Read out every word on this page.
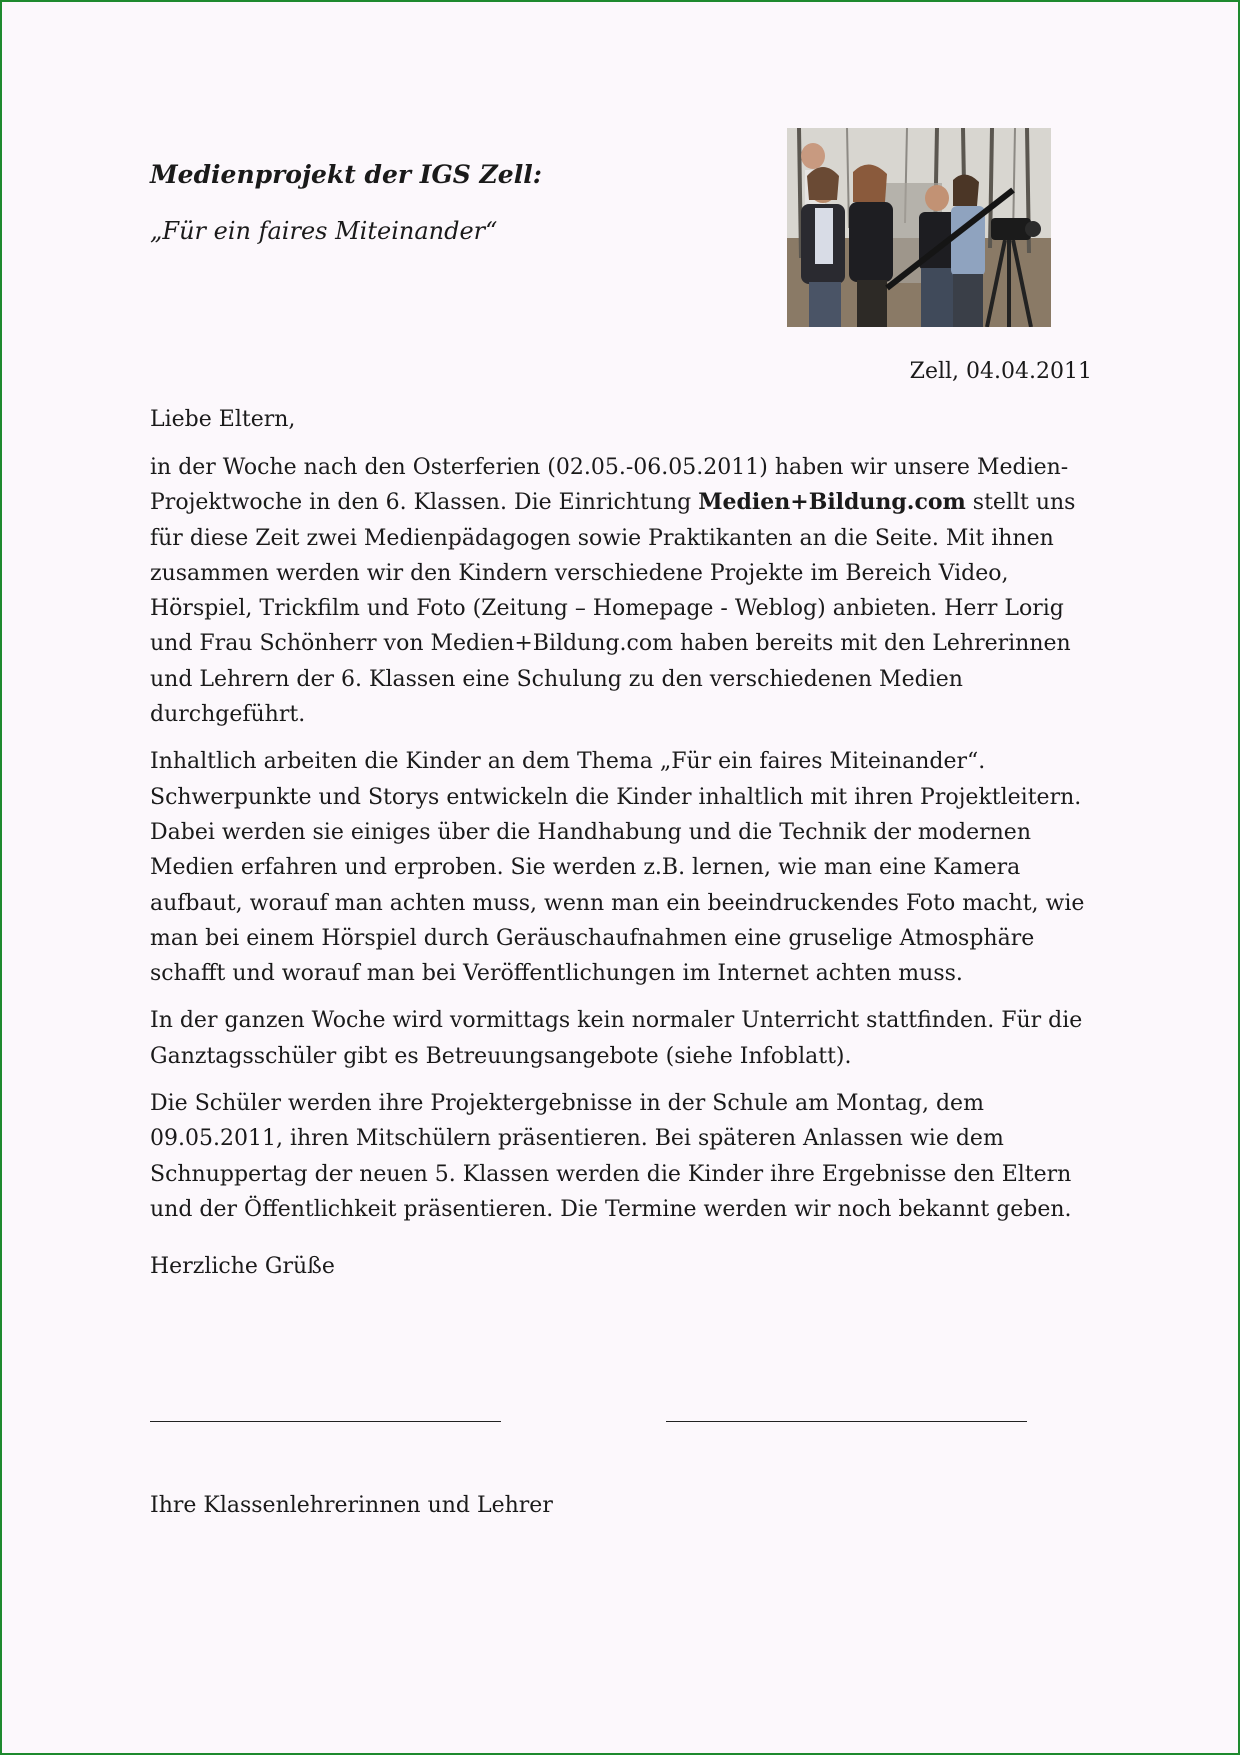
Medienprojekt der IGS Zell:

„Für ein faires Miteinander“

Zell, 04.04.2011

Liebe Eltern,

in der Woche nach den Osterferien (02.05.-06.05.2011) haben wir unsere Medien-Projektwoche in den 6. Klassen. Die Einrichtung Medien+Bildung.com stellt uns für diese Zeit zwei Medienpädagogen sowie Praktikanten an die Seite. Mit ihnen zusammen werden wir den Kindern verschiedene Projekte im Bereich Video, Hörspiel, Trickfilm und Foto (Zeitung – Homepage - Weblog) anbieten. Herr Lorig und Frau Schönherr von Medien+Bildung.com haben bereits mit den Lehrerinnen und Lehrern der 6. Klassen eine Schulung zu den verschiedenen Medien durchgeführt.

Inhaltlich arbeiten die Kinder an dem Thema „Für ein faires Miteinander“. Schwerpunkte und Storys entwickeln die Kinder inhaltlich mit ihren Projektleitern. Dabei werden sie einiges über die Handhabung und die Technik der modernen Medien erfahren und erproben. Sie werden z.B. lernen, wie man eine Kamera aufbaut, worauf man achten muss, wenn man ein beeindruckendes Foto macht, wie man bei einem Hörspiel durch Geräuschaufnahmen eine gruselige Atmosphäre schafft und worauf man bei Veröffentlichungen im Internet achten muss.

In der ganzen Woche wird vormittags kein normaler Unterricht stattfinden. Für die Ganztagsschüler gibt es Betreuungsangebote (siehe Infoblatt).

Die Schüler werden ihre Projektergebnisse in der Schule am Montag, dem 09.05.2011, ihren Mitschülern präsentieren. Bei späteren Anlassen wie dem Schnuppertag der neuen 5. Klassen werden die Kinder ihre Ergebnisse den Eltern und der Öffentlichkeit präsentieren. Die Termine werden wir noch bekannt geben.

Herzliche Grüße

Ihre Klassenlehrerinnen und Lehrer
